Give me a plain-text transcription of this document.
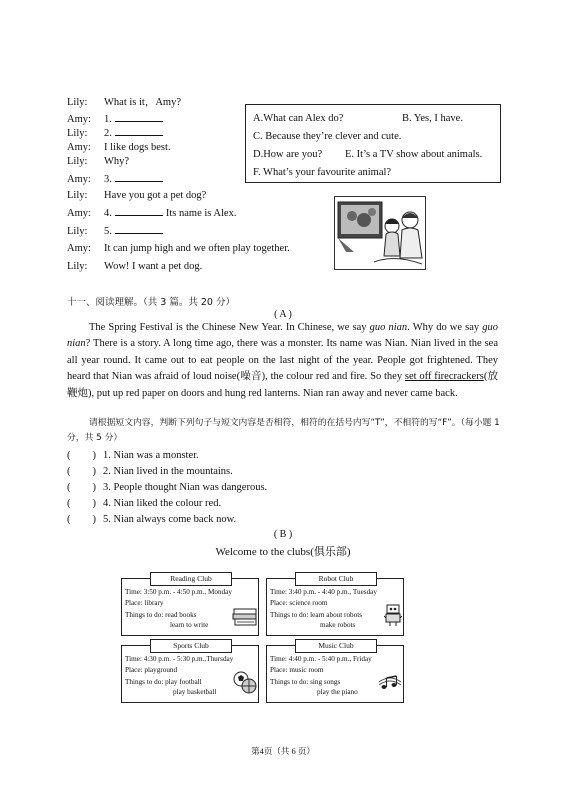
Lily: What is it，Amy?
Amy: 1.
Lily: 2.
Amy: I like dogs best.
Lily: Why?
Amy: 3.
Lily: Have you got a pet dog?
Amy: 4.	Its name is Alex.
Lily: 5.
Amy: It can jump high and we often play together.
Lily: Wow! I want a pet dog.
A.What can Alex do?	B. Yes, I have.
C. Because they’re clever and cute.
D.How are you? E. It’s a TV show about animals.
F. What’s your favourite animal?
十一、阅读理解。（共 3 篇。共 20 分）
( A )

The Spring Festival is the Chinese New Year. In Chinese, we say guo nian. Why do we say guo nian? There is a story. A long time ago, there was a monster. Its name was Nian. Nian lived in the sea all year round. It came out to eat people on the last night of the year. People got frightened. They heard that Nian was afraid of loud noise(噪音), the colour red and fire. So they set off firecrackers(放鞭炮), put up red paper on doors and hung red lanterns. Nian ran away and never came back.

请根据短文内容，判断下列句子与短文内容是否相符，相符的在括号内写“T”，不相符的写“F”。（每小题 1 分，共 5 分）
( ) 1. Nian was a monster.
( ) 2. Nian lived in the mountains.
( ) 3. People thought Nian was dangerous.
( ) 4. Nian liked the colour red.
( ) 5. Nian always come back now.
( B )
Welcome to the clubs(俱乐部)
Reading Club
Time: 3:50 p.m. - 4:50 p.m., Monday
Place: library
Things to do: read books
learn to write
Robot Club
Time: 3:40 p.m. - 4:40 p.m., Tuesday
Place: science room
Things to do: learn about robots
make robots
Sports Club
Time: 4:30 p.m. - 5:30 p.m.,Thursday
Place: playground
Things to do: play football
play basketball
Music Club
Time: 4:40 p.m. - 5:40 p.m., Friday
Place: music room
Things to do: sing songs
play the piano
第4页（共 6 页）
